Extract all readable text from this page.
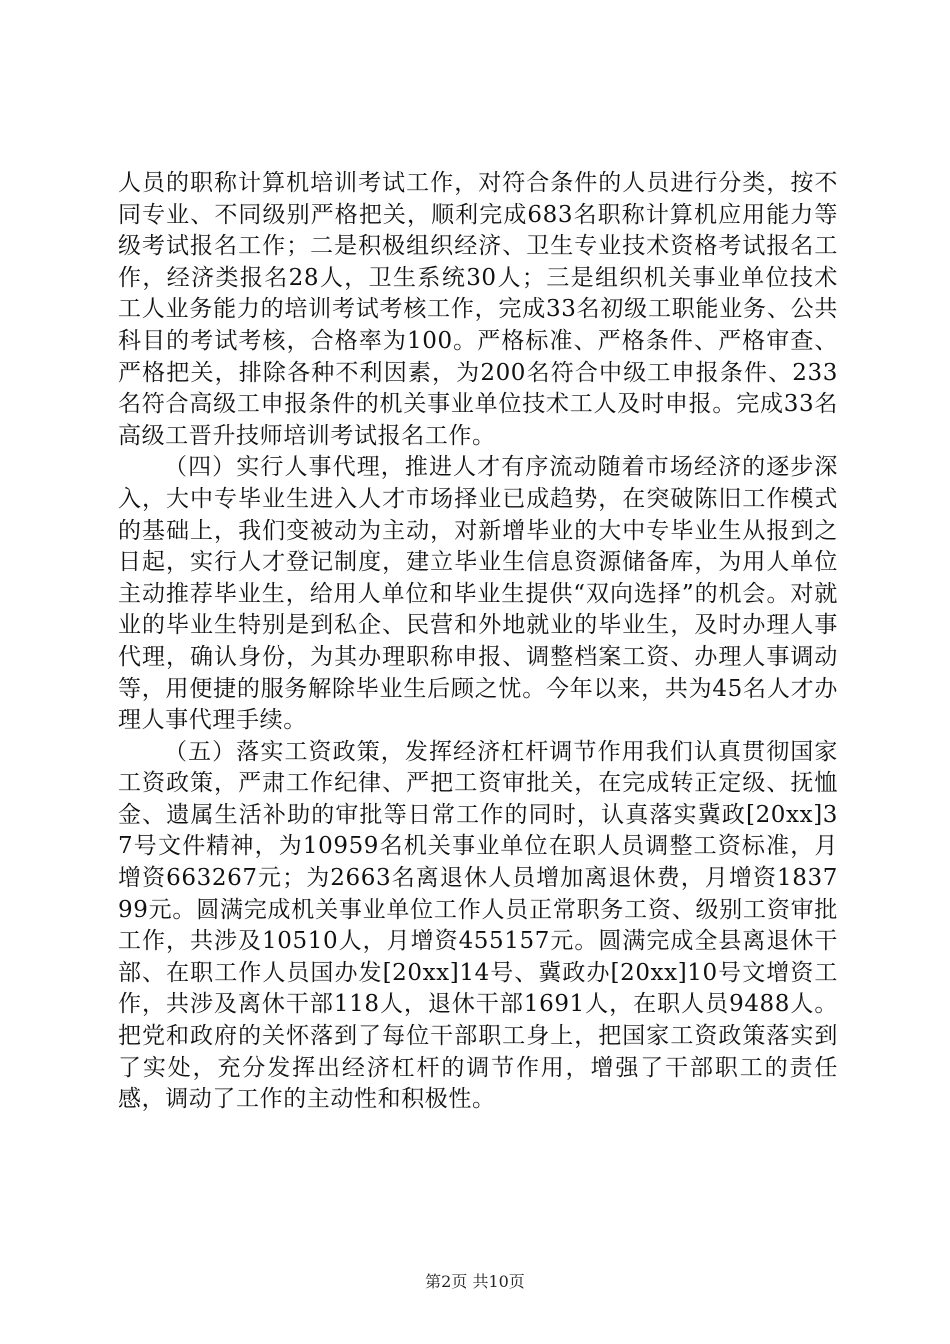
人员的职称计算机培训考试工作，对符合条件的人员进行分类，按不同专业、不同级别严格把关，顺利完成683名职称计算机应用能力等级考试报名工作；二是积极组织经济、卫生专业技术资格考试报名工作，经济类报名28人，卫生系统30人；三是组织机关事业单位技术工人业务能力的培训考试考核工作，完成33名初级工职能业务、公共科目的考试考核，合格率为100。严格标准、严格条件、严格审查、严格把关，排除各种不利因素，为200名符合中级工申报条件、233名符合高级工申报条件的机关事业单位技术工人及时申报。完成33名高级工晋升技师培训考试报名工作。

（四）实行人事代理，推进人才有序流动随着市场经济的逐步深入，大中专毕业生进入人才市场择业已成趋势，在突破陈旧工作模式的基础上，我们变被动为主动，对新增毕业的大中专毕业生从报到之日起，实行人才登记制度，建立毕业生信息资源储备库，为用人单位主动推荐毕业生，给用人单位和毕业生提供“双向选择”的机会。对就业的毕业生特别是到私企、民营和外地就业的毕业生，及时办理人事代理，确认身份，为其办理职称申报、调整档案工资、办理人事调动等，用便捷的服务解除毕业生后顾之忧。今年以来，共为45名人才办理人事代理手续。

（五）落实工资政策，发挥经济杠杆调节作用我们认真贯彻国家工资政策，严肃工作纪律、严把工资审批关，在完成转正定级、抚恤金、遗属生活补助的审批等日常工作的同时，认真落实冀政[20xx]37号文件精神，为10959名机关事业单位在职人员调整工资标准，月增资663267元；为2663名离退休人员增加离退休费，月增资183799元。圆满完成机关事业单位工作人员正常职务工资、级别工资审批工作，共涉及10510人，月增资455157元。圆满完成全县离退休干部、在职工作人员国办发[20xx]14号、冀政办[20xx]10号文增资工作，共涉及离休干部118人，退休干部1691人，在职人员9488人。把党和政府的关怀落到了每位干部职工身上，把国家工资政策落实到了实处，充分发挥出经济杠杆的调节作用，增强了干部职工的责任感，调动了工作的主动性和积极性。

第2页 共10页
